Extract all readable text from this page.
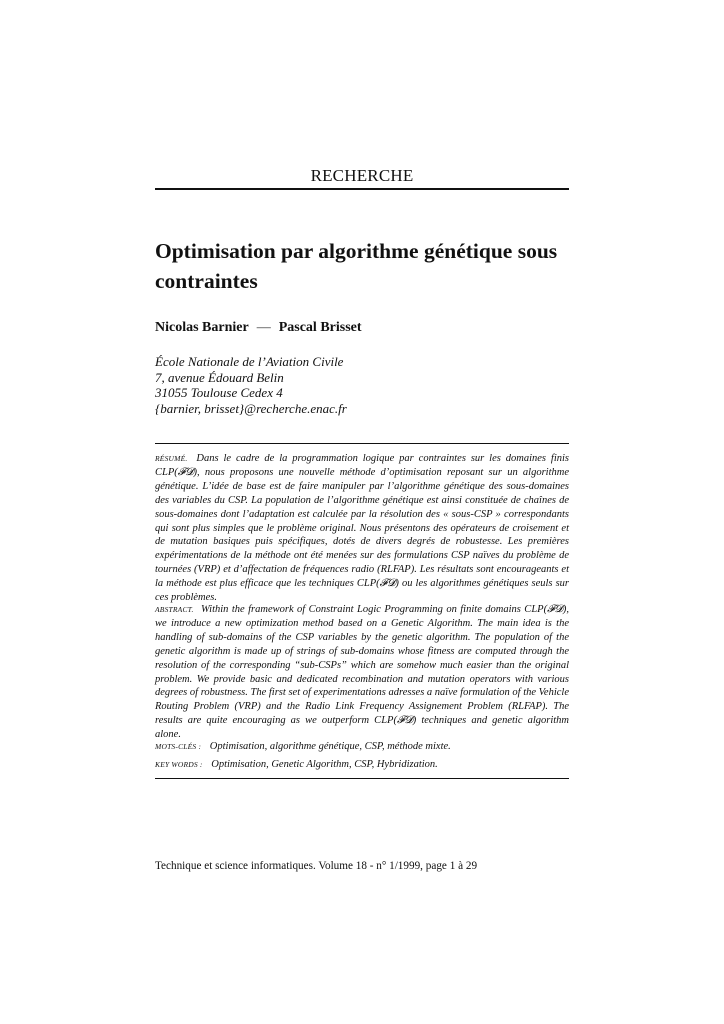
RECHERCHE
Optimisation par algorithme génétique sous contraintes
Nicolas Barnier — Pascal Brisset
École Nationale de l’Aviation Civile
7, avenue Édouard Belin
31055 Toulouse Cedex 4
{barnier, brisset}@recherche.enac.fr
RÉSUMÉ. Dans le cadre de la programmation logique par contraintes sur les domaines finis CLP(𝓕𝓓), nous proposons une nouvelle méthode d’optimisation reposant sur un algorithme génétique. L’idée de base est de faire manipuler par l’algorithme génétique des sous-domaines des variables du CSP. La population de l’algorithme génétique est ainsi constituée de chaînes de sous-domaines dont l’adaptation est calculée par la résolution des « sous-CSP » correspondants qui sont plus simples que le problème original. Nous présentons des opérateurs de croisement et de mutation basiques puis spécifiques, dotés de divers degrés de robustesse. Les premières expérimentations de la méthode ont été menées sur des formulations CSP naïves du problème de tournées (VRP) et d’affectation de fréquences radio (RLFAP). Les résultats sont encourageants et la méthode est plus efficace que les techniques CLP(𝓕𝓓) ou les algorithmes génétiques seuls sur ces problèmes.
ABSTRACT. Within the framework of Constraint Logic Programming on finite domains CLP(𝓕𝓓), we introduce a new optimization method based on a Genetic Algorithm. The main idea is the handling of sub-domains of the CSP variables by the genetic algorithm. The population of the genetic algorithm is made up of strings of sub-domains whose fitness are computed through the resolution of the corresponding “sub-CSPs” which are somehow much easier than the original problem. We provide basic and dedicated recombination and mutation operators with various degrees of robustness. The first set of experimentations adresses a naïve formulation of the Vehicle Routing Problem (VRP) and the Radio Link Frequency Assignement Problem (RLFAP). The results are quite encouraging as we outperform CLP(𝓕𝓓) techniques and genetic algorithm alone.
MOTS-CLÉS : Optimisation, algorithme génétique, CSP, méthode mixte.
KEY WORDS : Optimisation, Genetic Algorithm, CSP, Hybridization.
Technique et science informatiques. Volume 18 - n° 1/1999, page 1 à 29
